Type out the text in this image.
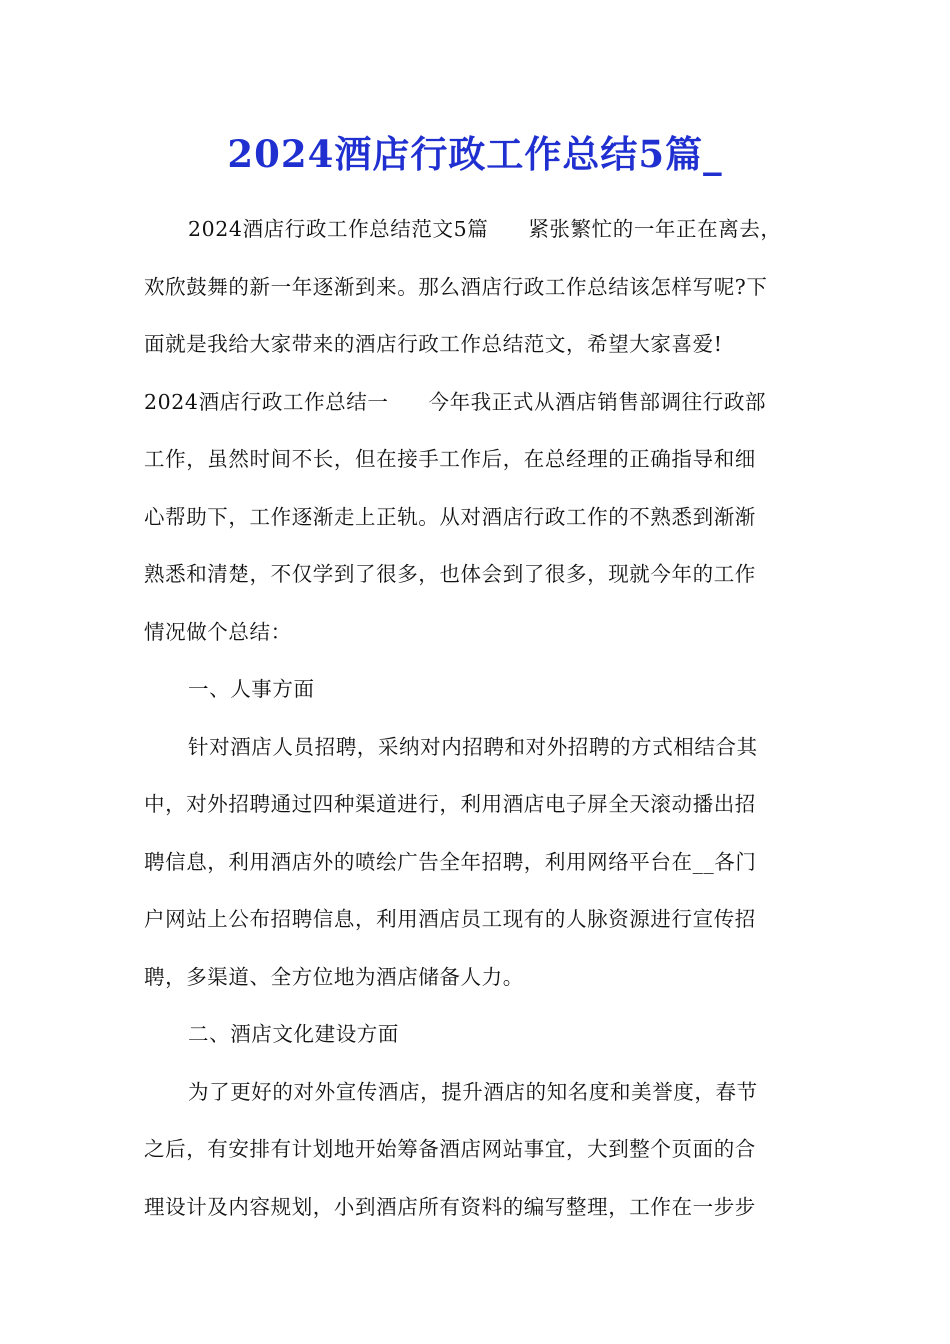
2024酒店行政工作总结5篇_

2024酒店行政工作总结范文5篇 紧张繁忙的一年正在离去，

欢欣鼓舞的新一年逐渐到来。那么酒店行政工作总结该怎样写呢?下

面就是我给大家带来的酒店行政工作总结范文，希望大家喜爱!

2024酒店行政工作总结一 今年我正式从酒店销售部调往行政部

工作，虽然时间不长，但在接手工作后，在总经理的正确指导和细

心帮助下，工作逐渐走上正轨。从对酒店行政工作的不熟悉到渐渐

熟悉和清楚，不仅学到了很多，也体会到了很多，现就今年的工作

情况做个总结：

一、人事方面

针对酒店人员招聘，采纳对内招聘和对外招聘的方式相结合其

中，对外招聘通过四种渠道进行，利用酒店电子屏全天滚动播出招

聘信息，利用酒店外的喷绘广告全年招聘，利用网络平台在__各门

户网站上公布招聘信息，利用酒店员工现有的人脉资源进行宣传招

聘，多渠道、全方位地为酒店储备人力。

二、酒店文化建设方面

为了更好的对外宣传酒店，提升酒店的知名度和美誉度，春节

之后，有安排有计划地开始筹备酒店网站事宜，大到整个页面的合

理设计及内容规划，小到酒店所有资料的编写整理，工作在一步步
